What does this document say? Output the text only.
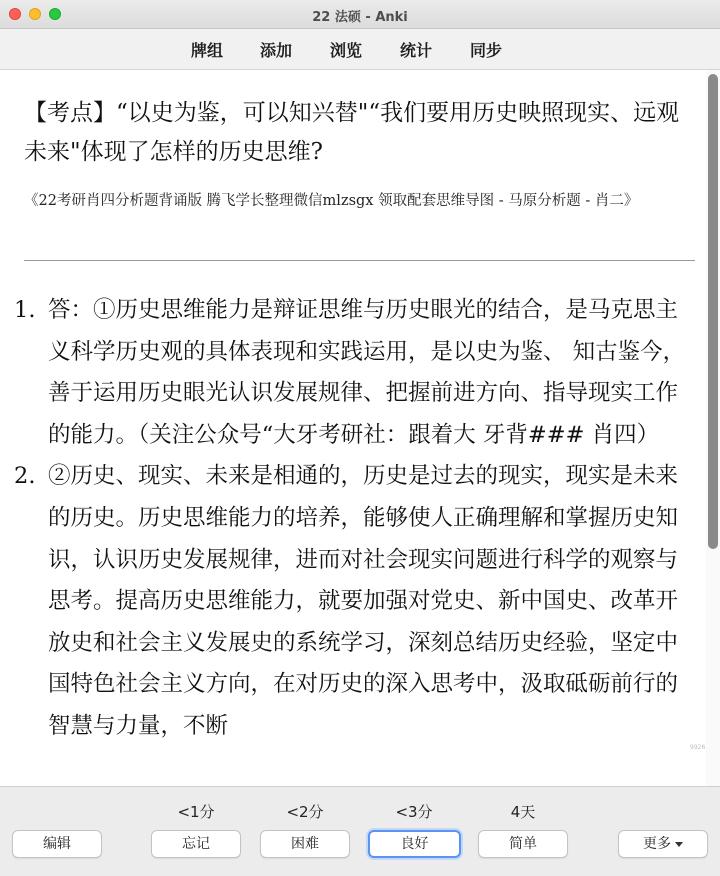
22 法硕 - Anki
牌组 添加 浏览 统计 同步
【考点】“以史为鉴，可以知兴替"“我们要用历史映照现实、远观未来"体现了怎样的历史思维?
《22考研肖四分析题背诵版 腾飞学长整理微信mlzsgx 领取配套思维导图 - 马原分析题 - 肖二》
1. 答：①历史思维能力是辩证思维与历史眼光的结合，是马克思主义科学历史观的具体表现和实践运用，是以史为鉴、 知古鉴今，善于运用历史眼光认识发展规律、把握前进方向、指导现实工作的能力。（关注公众号“大牙考研社：跟着大 牙背### 肖四）
2. ②历史、现实、未来是相通的，历史是过去的现实，现实是未来的历史。历史思维能力的培养，能够使人正确理解和掌握历史知识，认识历史发展规律，进而对社会现实问题进行科学的观察与思考。提高历史思维能力，就要加强对党史、新中国史、改革开放史和社会主义发展史的系统学习，深刻总结历史经验，坚定中国特色社会主义方向，在对历史的深入思考中，汲取砥砺前行的智慧与力量，不断
9926
<1分	<2分	<3分	4天
编辑	忘记	困难	良好	简单	更多
